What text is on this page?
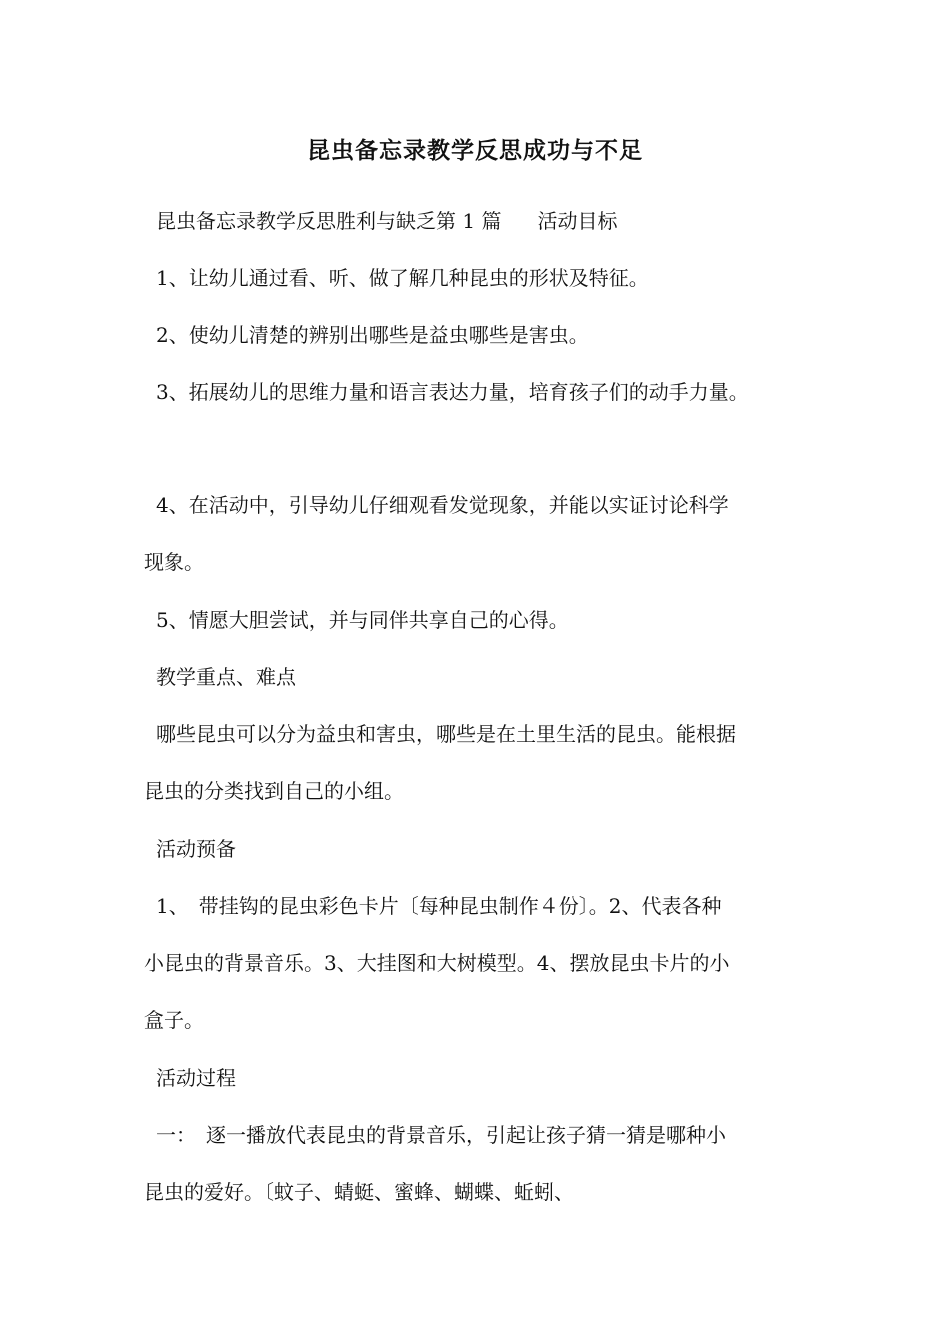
昆虫备忘录教学反思成功与不足
昆虫备忘录教学反思胜利与缺乏第 1 篇 活动目标
1、让幼儿通过看、听、做了解几种昆虫的形状及特征。
2、使幼儿清楚的辨别出哪些是益虫哪些是害虫。
3、拓展幼儿的思维力量和语言表达力量，培育孩子们的动手力量。
4、在活动中，引导幼儿仔细观看发觉现象，并能以实证讨论科学
现象。
5、情愿大胆尝试，并与同伴共享自己的心得。
教学重点、难点
哪些昆虫可以分为益虫和害虫，哪些是在土里生活的昆虫。能根据
昆虫的分类找到自己的小组。
活动预备
1、　带挂钩的昆虫彩色卡片〔每种昆虫制作４份〕。2、代表各种
小昆虫的背景音乐。3、大挂图和大树模型。4、摆放昆虫卡片的小
盒子。
活动过程
一：　逐一播放代表昆虫的背景音乐，引起让孩子猜一猜是哪种小
昆虫的爱好。〔蚊子、蜻蜓、蜜蜂、蝴蝶、蚯蚓、
